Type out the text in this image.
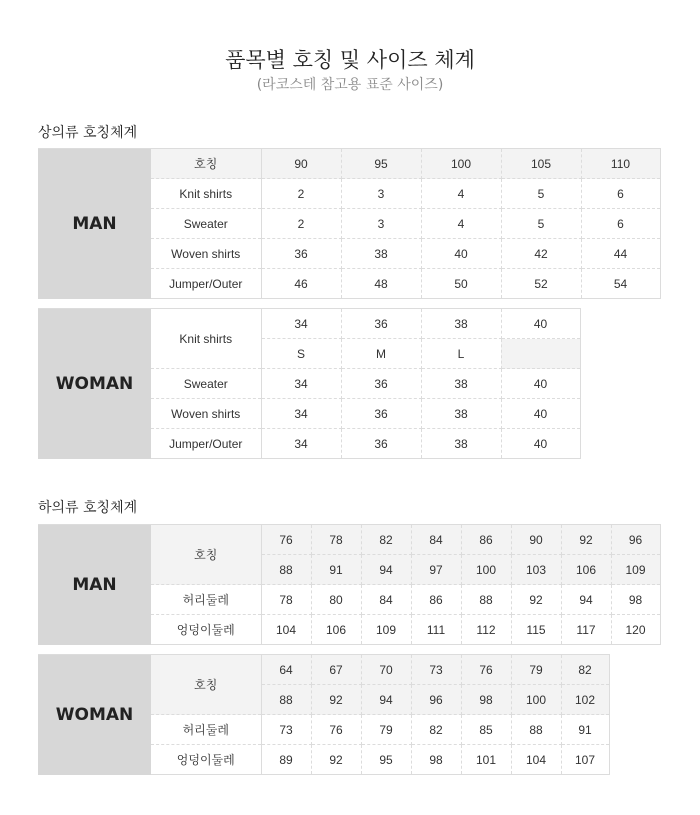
품목별 호칭 및 사이즈 체계
(라코스테 참고용 표준 사이즈)
상의류 호칭체계
MAN	호칭	90	95	100	105	110
	Knit shirts	2	3	4	5	6
	Sweater	2	3	4	5	6
	Woven shirts	36	38	40	42	44
	Jumper/Outer	46	48	50	52	54
WOMAN	Knit shirts	34	36	38	40
		S	M	L	
	Sweater	34	36	38	40
	Woven shirts	34	36	38	40
	Jumper/Outer	34	36	38	40
하의류 호칭체계
MAN	호칭	76	78	82	84	86	90	92	96
		88	91	94	97	100	103	106	109
	허리둘레	78	80	84	86	88	92	94	98
	엉덩이둘레	104	106	109	111	112	115	117	120
WOMAN	호칭	64	67	70	73	76	79	82
		88	92	94	96	98	100	102
	허리둘레	73	76	79	82	85	88	91
	엉덩이둘레	89	92	95	98	101	104	107
